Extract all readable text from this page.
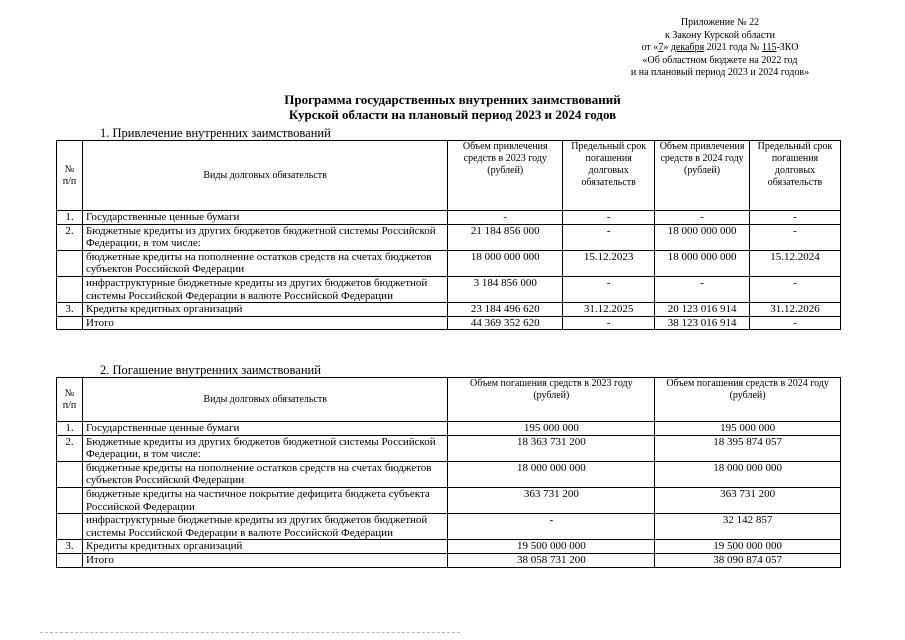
Приложение № 22
к Закону Курской области
от «7» декабря 2021 года № 115-ЗКО
«Об областном бюджете на 2022 год
и на плановый период 2023 и 2024 годов»
Программа государственных внутренних заимствований
Курской области на плановый период 2023 и 2024 годов
1. Привлечение внутренних заимствований
№ п/п	Виды долговых обязательств	Объем привлечения средств в 2023 году (рублей)	Предельный срок погашения долговых обязательств	Объем привлечения средств в 2024 году (рублей)	Предельный срок погашения долговых обязательств
1.	Государственные ценные бумаги	-	-	-	-
2.	Бюджетные кредиты из других бюджетов бюджетной системы Российской Федерации, в том числе:	21 184 856 000	-	18 000 000 000	-
	бюджетные кредиты на пополнение остатков средств на счетах бюджетов субъектов Российской Федерации	18 000 000 000	15.12.2023	18 000 000 000	15.12.2024
	инфраструктурные бюджетные кредиты из других бюджетов бюджетной системы Российской Федерации в валюте Российской Федерации	3 184 856 000	-	-	-
3.	Кредиты кредитных организаций	23 184 496 620	31.12.2025	20 123 016 914	31.12.2026
	Итого	44 369 352 620	-	38 123 016 914	-
2. Погашение внутренних заимствований
№ п/п	Виды долговых обязательств	Объем погашения средств в 2023 году (рублей)	Объем погашения средств в 2024 году (рублей)
1.	Государственные ценные бумаги	195 000 000	195 000 000
2.	Бюджетные кредиты из других бюджетов бюджетной системы Российской Федерации, в том числе:	18 363 731 200	18 395 874 057
	бюджетные кредиты на пополнение остатков средств на счетах бюджетов субъектов Российской Федерации	18 000 000 000	18 000 000 000
	бюджетные кредиты на частичное покрытие дефицита бюджета субъекта Российской Федерации	363 731 200	363 731 200
	инфраструктурные бюджетные кредиты из других бюджетов бюджетной системы Российской Федерации в валюте Российской Федерации	-	32 142 857
3.	Кредиты кредитных организаций	19 500 000 000	19 500 000 000
	Итого	38 058 731 200	38 090 874 057
